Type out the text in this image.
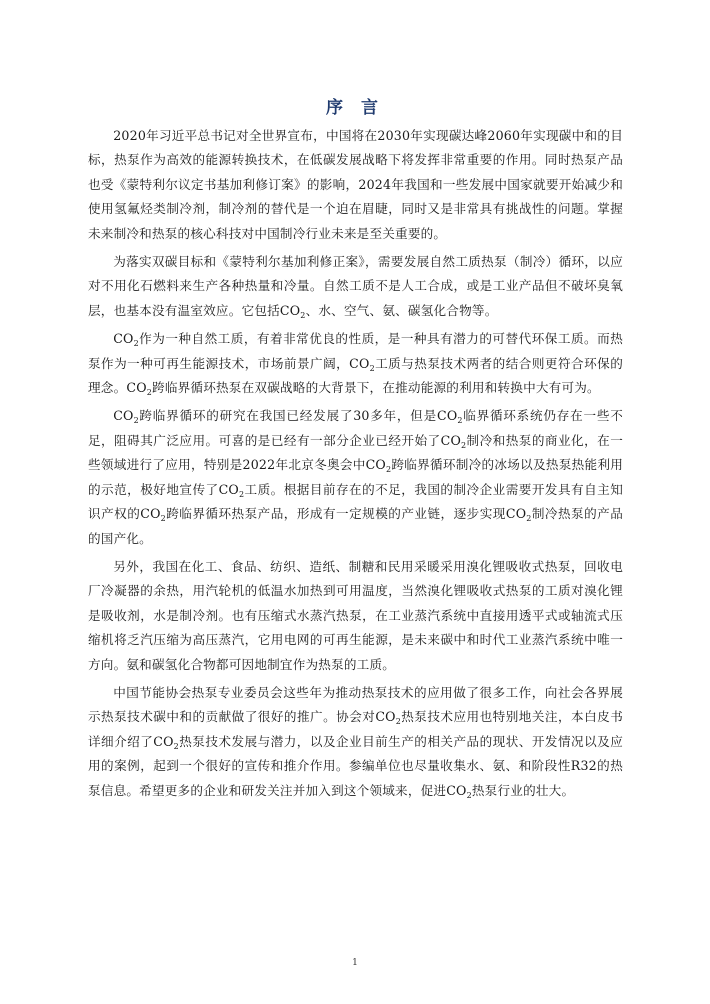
序 言

2020年习近平总书记对全世界宣布，中国将在2030年实现碳达峰2060年实现碳中和的目标，热泵作为高效的能源转换技术，在低碳发展战略下将发挥非常重要的作用。同时热泵产品也受《蒙特利尔议定书基加利修订案》的影响，2024年我国和一些发展中国家就要开始减少和使用氢氟烃类制冷剂，制冷剂的替代是一个迫在眉睫，同时又是非常具有挑战性的问题。掌握未来制冷和热泵的核心科技对中国制冷行业未来是至关重要的。

为落实双碳目标和《蒙特利尔基加利修正案》，需要发展自然工质热泵（制冷）循环，以应对不用化石燃料来生产各种热量和冷量。自然工质不是人工合成，或是工业产品但不破坏臭氧层，也基本没有温室效应。它包括$CO_2$、水、空气、氨、碳氢化合物等。

$CO_2$作为一种自然工质，有着非常优良的性质，是一种具有潜力的可替代环保工质。而热泵作为一种可再生能源技术，市场前景广阔，$CO_2$工质与热泵技术两者的结合则更符合环保的理念。$CO_2$跨临界循环热泵在双碳战略的大背景下，在推动能源的利用和转换中大有可为。

$CO_2$跨临界循环的研究在我国已经发展了30多年，但是$CO_2$临界循环系统仍存在一些不足，阻碍其广泛应用。可喜的是已经有一部分企业已经开始了$CO_2$制冷和热泵的商业化，在一些领域进行了应用，特别是2022年北京冬奥会中$CO_2$跨临界循环制冷的冰场以及热泵热能利用的示范，极好地宣传了$CO_2$工质。根据目前存在的不足，我国的制冷企业需要开发具有自主知识产权的$CO_2$跨临界循环热泵产品，形成有一定规模的产业链，逐步实现$CO_2$制冷热泵的产品的国产化。

另外，我国在化工、食品、纺织、造纸、制糖和民用采暖采用溴化锂吸收式热泵，回收电厂冷凝器的余热，用汽轮机的低温水加热到可用温度，当然溴化锂吸收式热泵的工质对溴化锂是吸收剂，水是制冷剂。也有压缩式水蒸汽热泵，在工业蒸汽系统中直接用透平式或轴流式压缩机将乏汽压缩为高压蒸汽，它用电网的可再生能源，是未来碳中和时代工业蒸汽系统中唯一方向。氨和碳氢化合物都可因地制宜作为热泵的工质。

中国节能协会热泵专业委员会这些年为推动热泵技术的应用做了很多工作，向社会各界展示热泵技术碳中和的贡献做了很好的推广。协会对$CO_2$热泵技术应用也特别地关注，本白皮书详细介绍了$CO_2$热泵技术发展与潜力，以及企业目前生产的相关产品的现状、开发情况以及应用的案例，起到一个很好的宣传和推介作用。参编单位也尽量收集水、氨、和阶段性R32的热泵信息。希望更多的企业和研发关注并加入到这个领域来，促进$CO_2$热泵行业的壮大。

1
